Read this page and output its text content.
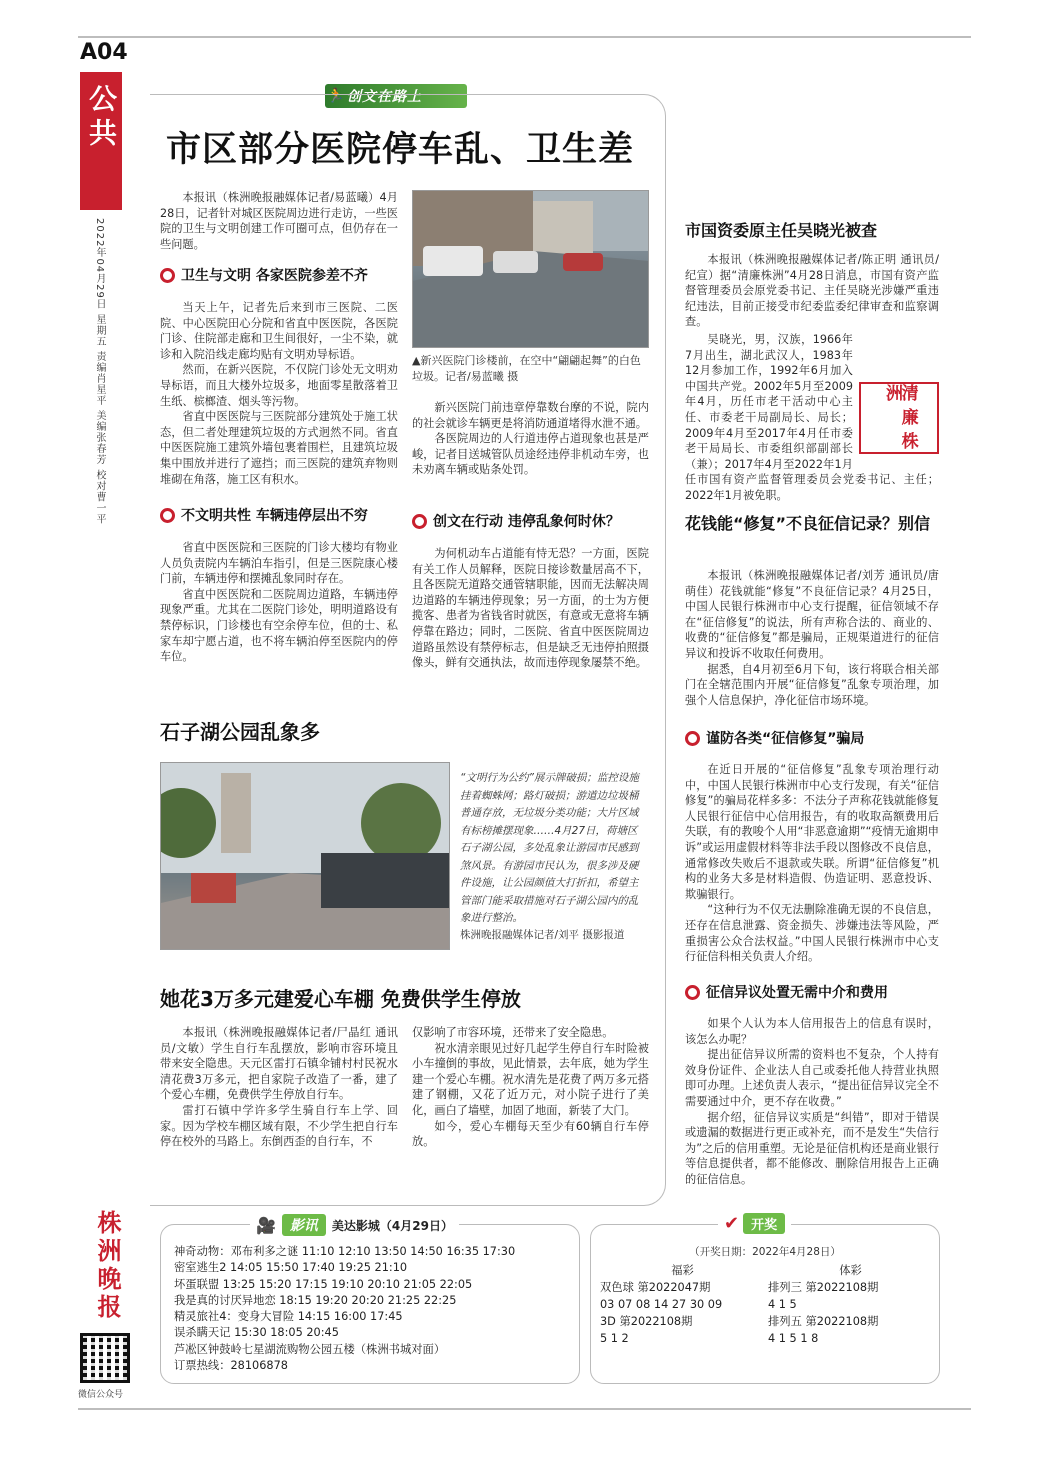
A04
公共
2022年04月29日 星期五 责编肖星平 美编张春芳 校对曹一平
🏃 创文在路上
市区部分医院停车乱、卫生差

本报讯（株洲晚报融媒体记者/易蓝曦）4月28日，记者针对城区医院周边进行走访，一些医院的卫生与文明创建工作可圈可点，但仍存在一些问题。

卫生与文明 各家医院参差不齐

当天上午，记者先后来到市三医院、二医院、中心医院田心分院和省直中医医院，各医院门诊、住院部走廊和卫生间很好，一尘不染，就诊和入院沿线走廊均贴有文明劝导标语。

然而，在新兴医院，不仅院门诊处无文明劝导标语，而且大楼外垃圾多，地面零星散落着卫生纸、槟榔渣、烟头等污物。

省直中医医院与三医院部分建筑处于施工状态，但二者处理建筑垃圾的方式迥然不同。省直中医医院施工建筑外墙包裹着围栏，且建筑垃圾集中围放并进行了遮挡；而三医院的建筑弃物则堆砌在角落，施工区有积水。

不文明共性 车辆违停层出不穷

省直中医医院和三医院的门诊大楼均有物业人员负责院内车辆泊车指引，但是三医院康心楼门前，车辆违停和摆摊乱象同时存在。

省直中医医院和二医院周边道路，车辆违停现象严重。尤其在二医院门诊处，明明道路设有禁停标识，门诊楼也有空余停车位，但的士、私家车却宁愿占道，也不将车辆泊停至医院内的停车位。

▲新兴医院门诊楼前，在空中“翩翩起舞”的白色垃圾。记者/易蓝曦 摄

新兴医院门前违章停靠数台摩的不说，院内的社会就诊车辆更是将消防通道堵得水泄不通。

各医院周边的人行道违停占道现象也甚是严峻，记者目送城管队员途经违停非机动车旁，也未劝离车辆或贴条处罚。

创文在行动 违停乱象何时休？

为何机动车占道能有恃无恐？一方面，医院有关工作人员解释，医院日接诊数量居高不下，且各医院无道路交通管辖职能，因而无法解决周边道路的车辆违停现象；另一方面，的士为方便揽客、患者为省钱省时就医，有意或无意将车辆停靠在路边；同时，二医院、省直中医医院周边道路虽然设有禁停标志，但是缺乏无违停拍照摄像头，鲜有交通执法，故而违停现象屡禁不绝。

石子湖公园乱象多
“文明行为公约”展示牌破损；监控设施挂着蜘蛛网；路灯破损；游道边垃圾桶普通存放，无垃圾分类功能；大片区域有标榜摊摆现象……4月27日，荷塘区石子湖公园，多处乱象让游园市民感到煞风景。有游园市民认为，很多涉及硬件设施，让公园颜值大打折扣，希望主管部门能采取措施对石子湖公园内的乱象进行整治。
株洲晚报融媒体记者/刘平 摄影报道
她花3万多元建爱心车棚 免费供学生停放

本报讯（株洲晚报融媒体记者/尸晶红 通讯员/文敏）学生自行车乱摆放，影响市容环境且带来安全隐患。天元区雷打石镇伞铺村村民祝水清花费3万多元，把自家院子改造了一番，建了个爱心车棚，免费供学生停放自行车。

雷打石镇中学许多学生骑自行车上学、回家。因为学校车棚区域有限，不少学生把自行车停在校外的马路上。东倒西歪的自行车，不

仅影响了市容环境，还带来了安全隐患。

祝水清亲眼见过好几起学生停自行车时险被小车撞倒的事故，见此情景，去年底，她为学生建一个爱心车棚。祝水清先是花费了两万多元搭建了钢棚，又花了近万元，对小院子进行了美化，画白了墙壁，加固了地面，新装了大门。

如今，爱心车棚每天至少有60辆自行车停放。

市国资委原主任吴晓光被查

本报讯（株洲晚报融媒体记者/陈正明 通讯员/纪宣）据“清廉株洲”4月28日消息，市国有资产监督管理委员会原党委书记、主任吴晓光涉嫌严重违纪违法，目前正接受市纪委监委纪律审查和监察调查。

清廉株洲

吴晓光，男，汉族，1966年7月出生，湖北武汉人，1983年12月参加工作，1992年6月加入中国共产党。2002年5月至2009年4月，历任市老干活动中心主任、市委老干局副局长、局长；2009年4月至2017年4月任市委老干局局长、市委组织部副部长（兼）；2017年4月至2022年1月任市国有资产监督管理委员会党委书记、主任；2022年1月被免职。

花钱能“修复”不良征信记录？别信

本报讯（株洲晚报融媒体记者/刘芳 通讯员/唐萌佳）花钱就能“修复”不良征信记录？4月25日，中国人民银行株洲市中心支行提醒，征信领域不存在“征信修复”的说法，所有声称合法的、商业的、收费的“征信修复”都是骗局，正规渠道进行的征信异议和投诉不收取任何费用。

据悉，自4月初至6月下旬，该行将联合相关部门在全辖范围内开展“征信修复”乱象专项治理，加强个人信息保护，净化征信市场环境。

谨防各类“征信修复”骗局

在近日开展的“征信修复”乱象专项治理行动中，中国人民银行株洲市中心支行发现，有关“征信修复”的骗局花样多多：不法分子声称花钱就能修复人民银行征信中心信用报告，有的收取高额费用后失联，有的教唆个人用“非恶意逾期”“疫情无逾期申诉”或运用虚假材料等非法手段以图修改不良信息，通常修改失败后不退款或失联。所谓“征信修复”机构的业务大多是材料造假、伪造证明、恶意投诉、欺骗银行。

“这种行为不仅无法删除准确无误的不良信息，还存在信息泄露、资金损失、涉嫌违法等风险，严重损害公众合法权益。”中国人民银行株洲市中心支行征信科相关负责人介绍。

征信异议处置无需中介和费用

如果个人认为本人信用报告上的信息有误时，该怎么办呢？

提出征信异议所需的资料也不复杂，个人持有效身份证件、企业法人自己或委托他人持营业执照即可办理。上述负责人表示，“提出征信异议完全不需要通过中介，更不存在收费。”

据介绍，征信异议实质是“纠错”，即对于错误或遗漏的数据进行更正或补充，而不是发生“失信行为”之后的信用重塑。无论是征信机构还是商业银行等信息提供者，都不能修改、删除信用报告上正确的征信信息。

株洲晚报
微信公众号
🎥	影讯	美达影城（4月29日）
神奇动物：邓布利多之谜 11:10 12:10 13:50 14:50 16:35 17:30
密室逃生2 14:05 15:50 17:40 19:25 21:10
坏蛋联盟 13:25 15:20 17:15 19:10 20:10 21:05 22:05
我是真的讨厌异地恋 18:15 19:20 20:20 21:25 22:25
精灵旅社4：变身大冒险 14:15 16:00 17:45
误杀瞒天记 15:30 18:05 20:45
芦凇区钟鼓岭七星湖流购物公园五楼（株洲书城对面）
订票热线：28106878
✔ 开奖
（开奖日期：2022年4月28日）
福彩
双色球 第2022047期
03 07 08 14 27 30 09
3D 第2022108期
5 1 2
体彩
排列三 第2022108期
4 1 5
排列五 第2022108期
4 1 5 1 8
